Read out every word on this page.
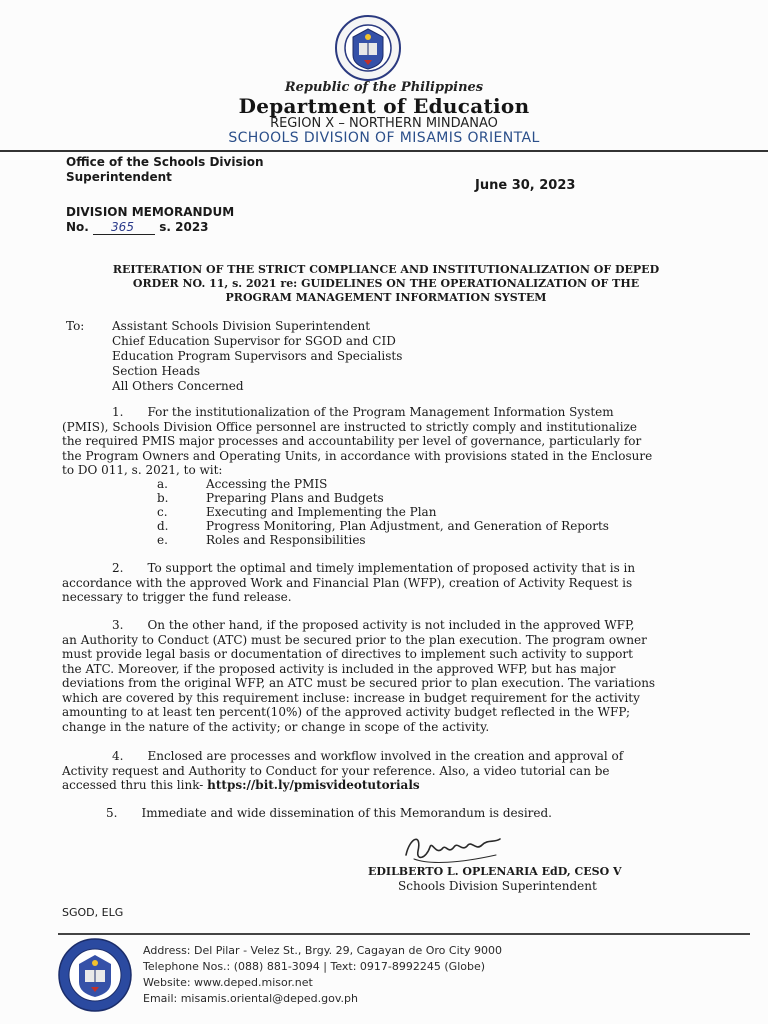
Republic of the Philippines
Department of Education
REGION X – NORTHERN MINDANAO
SCHOOLS DIVISION OF MISAMIS ORIENTAL
Office of the Schools Division
Superintendent
June 30, 2023
DIVISION MEMORANDUM
No. 365 s. 2023
REITERATION OF THE STRICT COMPLIANCE AND INSTITUTIONALIZATION OF DEPED
ORDER NO. 11, s. 2021 re: GUIDELINES ON THE OPERATIONALIZATION OF THE
PROGRAM MANAGEMENT INFORMATION SYSTEM
To: Assistant Schools Division Superintendent
Chief Education Supervisor for SGOD and CID
Education Program Supervisors and Specialists
Section Heads
All Others Concerned
1.  For the institutionalization of the Program Management Information System
(PMIS), Schools Division Office personnel are instructed to strictly comply and institutionalize
the required PMIS major processes and accountability per level of governance, particularly for
the Program Owners and Operating Units, in accordance with provisions stated in the Enclosure
to DO 011, s. 2021, to wit:
a.
b.
c.
d.
e.
Accessing the PMIS
Preparing Plans and Budgets
Executing and Implementing the Plan
Progress Monitoring, Plan Adjustment, and Generation of Reports
Roles and Responsibilities
2.  To support the optimal and timely implementation of proposed activity that is in
accordance with the approved Work and Financial Plan (WFP), creation of Activity Request is
necessary to trigger the fund release.
3.  On the other hand, if the proposed activity is not included in the approved WFP,
an Authority to Conduct (ATC) must be secured prior to the plan execution. The program owner
must provide legal basis or documentation of directives to implement such activity to support
the ATC. Moreover, if the proposed activity is included in the approved WFP, but has major
deviations from the original WFP, an ATC must be secured prior to plan execution. The variations
which are covered by this requirement incluse: increase in budget requirement for the activity
amounting to at least ten percent(10%) of the approved activity budget reflected in the WFP;
change in the nature of the activity; or change in scope of the activity.
4.  Enclosed are processes and workflow involved in the creation and approval of
Activity request and Authority to Conduct for your reference. Also, a video tutorial can be
accessed thru this link- https://bit.ly/pmisvideotutorials
5.  Immediate and wide dissemination of this Memorandum is desired.
EDILBERTO L. OPLENARIA EdD, CESO V
Schools Division Superintendent
SGOD, ELG
Address: Del Pilar - Velez St., Brgy. 29, Cagayan de Oro City 9000
Telephone Nos.: (088) 881-3094 | Text: 0917-8992245 (Globe)
Website: www.deped.misor.net
Email: misamis.oriental@deped.gov.ph
